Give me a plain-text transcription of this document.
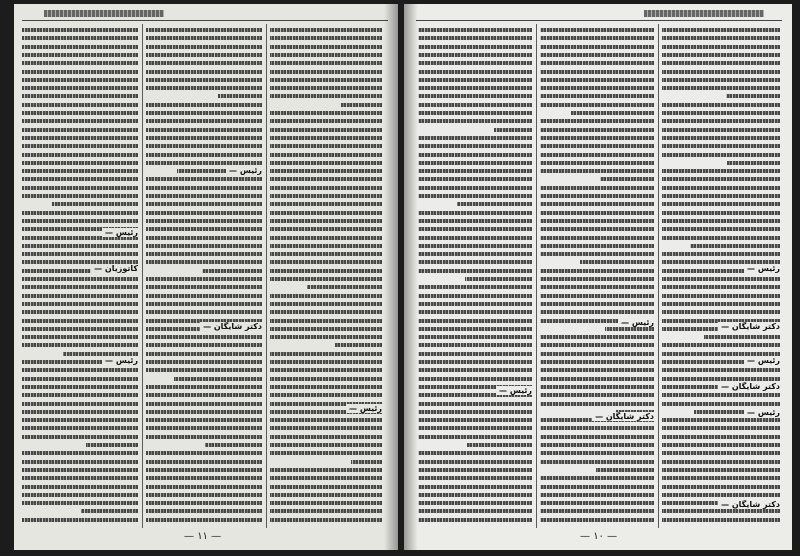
رئیس —
کاتوزیان —
رئیس —
رئیس —
دکتر شایگان —
رئیس —
— ۱۱ —
رئیس —
رئیس —
دکتر شایگان —
رئیس —
دکتر شایگان —
رئیس —
دکتر شایگان —
رئیس —
دکتر شایگان —
— ۱۰ —
